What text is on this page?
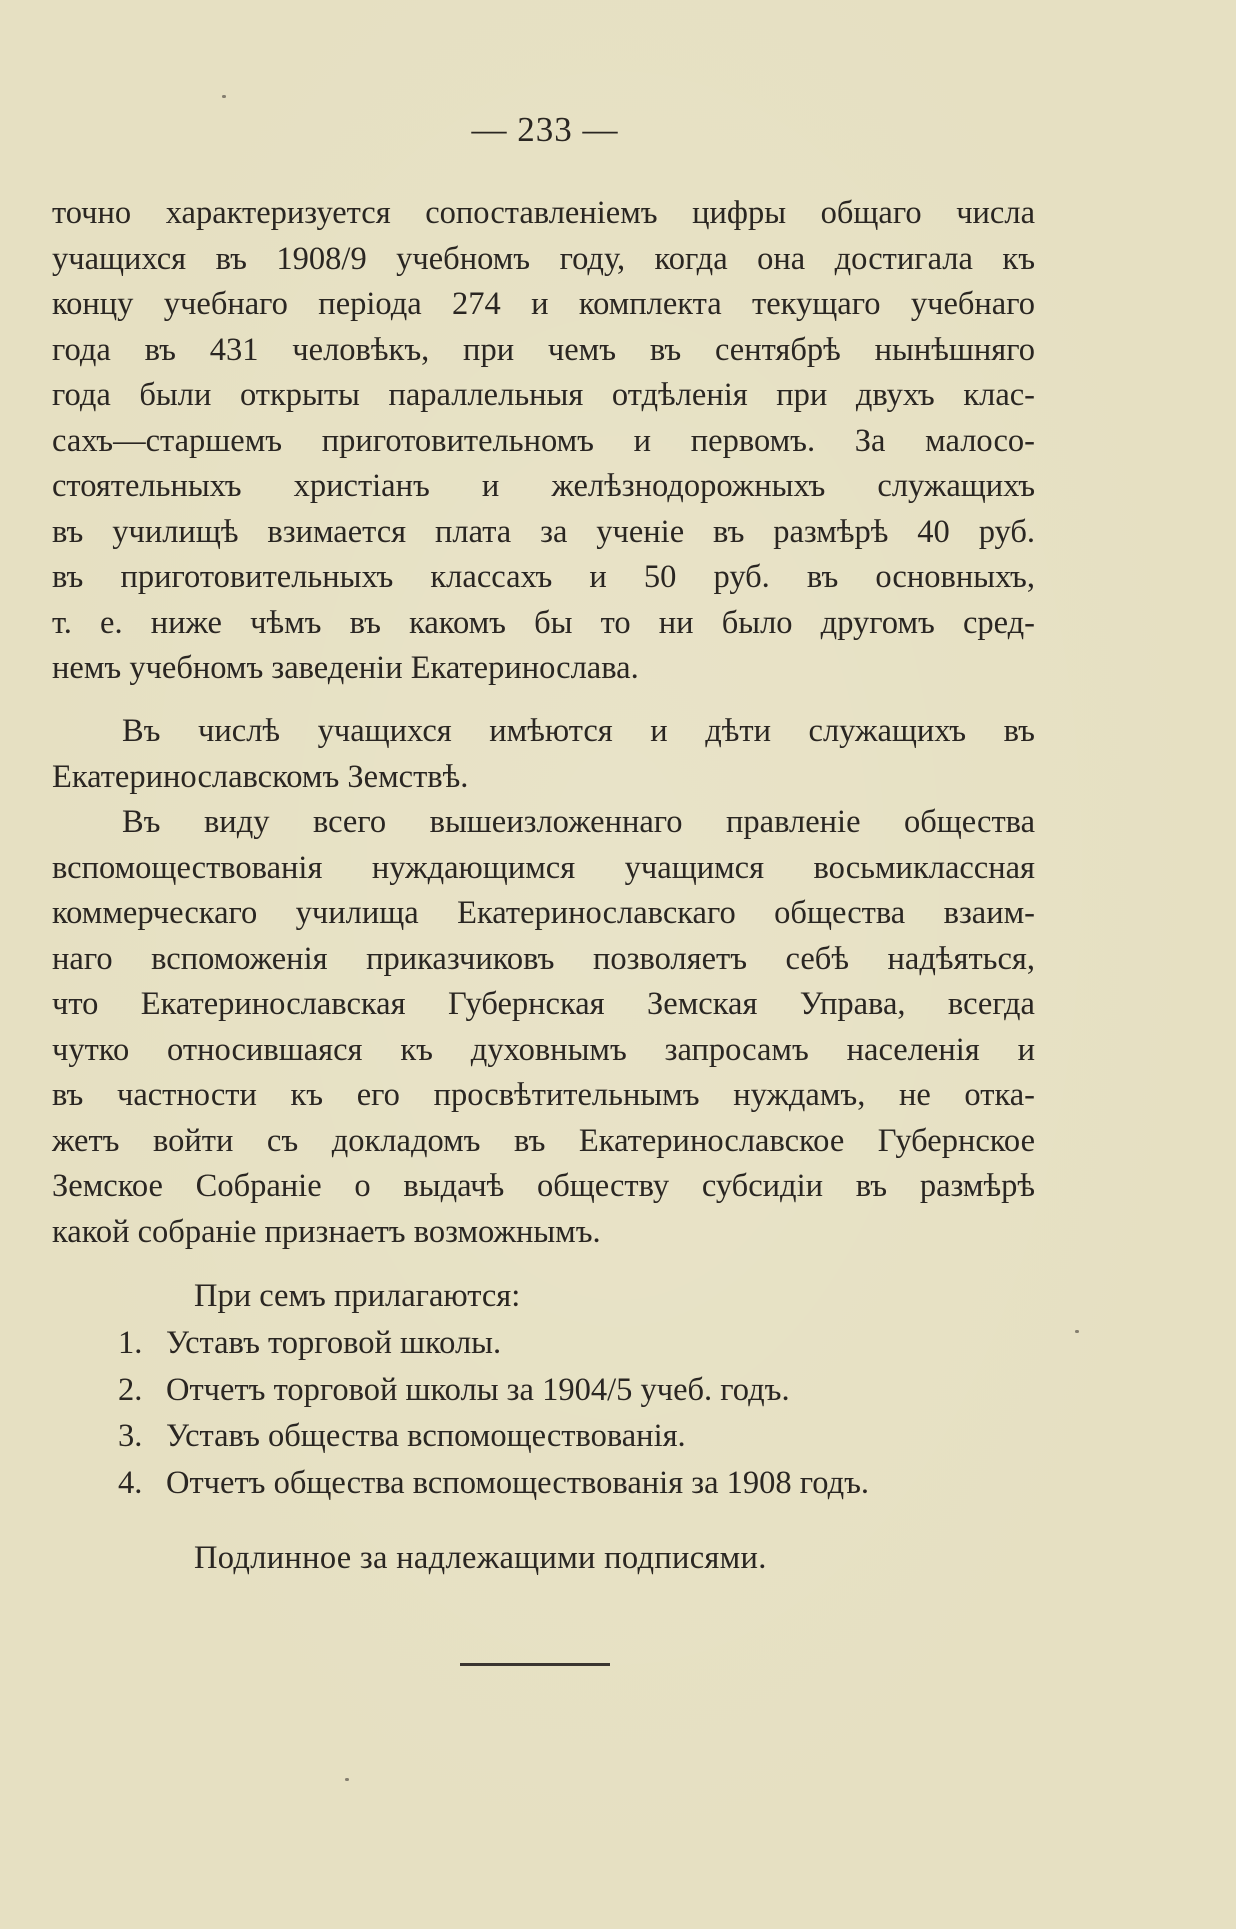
— 233 —
точно характеризуется сопоставленіемъ цифры общаго числа
учащихся въ 1908/9 учебномъ году, когда она достигала къ
концу учебнаго періода 274 и комплекта текущаго учебнаго
года въ 431 человѣкъ, при чемъ въ сентябрѣ нынѣшняго
года были открыты параллельныя отдѣленія при двухъ клас-
сахъ—старшемъ приготовительномъ и первомъ. За малосо-
стоятельныхъ христіанъ и желѣзнодорожныхъ служащихъ
въ училищѣ взимается плата за ученіе въ размѣрѣ 40 руб.
въ приготовительныхъ классахъ и 50 руб. въ основныхъ,
т. е. ниже чѣмъ въ какомъ бы то ни было другомъ сред-
немъ учебномъ заведеніи Екатеринослава.
Въ числѣ учащихся имѣются и дѣти служащихъ въ
Екатеринославскомъ Земствѣ.
Въ виду всего вышеизложеннаго правленіе общества
вспомоществованія нуждающимся учащимся восьмиклассная
коммерческаго училища Екатеринославскаго общества взаим-
наго вспоможенія приказчиковъ позволяетъ себѣ надѣяться,
что Екатеринославская Губернская Земская Управа, всегда
чутко относившаяся къ духовнымъ запросамъ населенія и
въ частности къ его просвѣтительнымъ нуждамъ, не отка-
жетъ войти съ докладомъ въ Екатеринославское Губернское
Земское Собраніе о выдачѣ обществу субсидіи въ размѣрѣ
какой собраніе признаетъ возможнымъ.
При семъ прилагаются:
1. Уставъ торговой школы.
2. Отчетъ торговой школы за 1904/5 учеб. годъ.
3. Уставъ общества вспомоществованія.
4. Отчетъ общества вспомоществованія за 1908 годъ.
Подлинное за надлежащими подписями.
